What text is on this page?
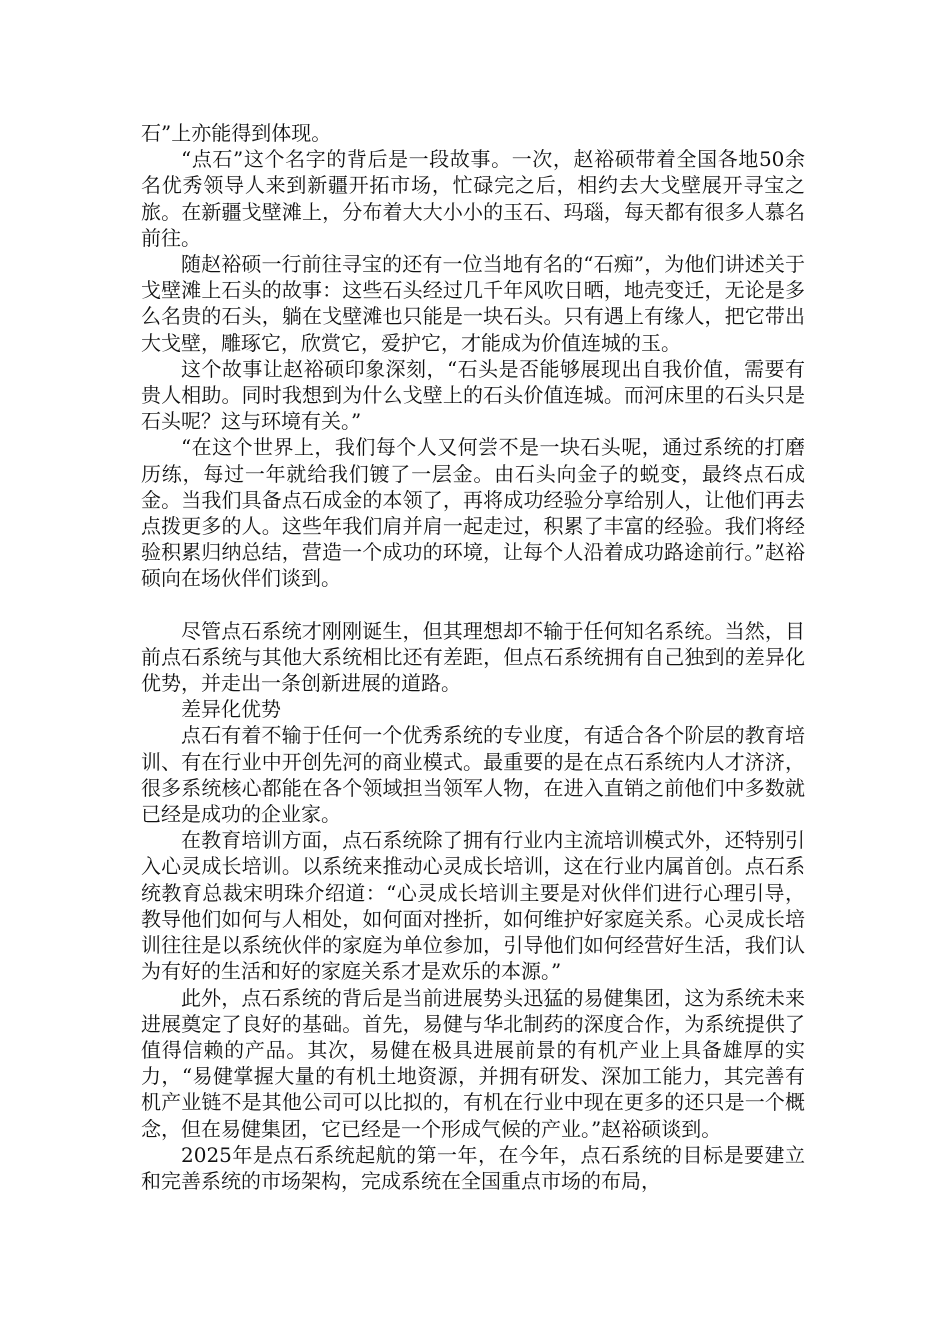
石”上亦能得到体现。

“点石”这个名字的背后是一段故事。一次，赵裕硕带着全国各地50余名优秀领导人来到新疆开拓市场，忙碌完之后，相约去大戈壁展开寻宝之旅。在新疆戈壁滩上，分布着大大小小的玉石、玛瑙，每天都有很多人慕名前往。

随赵裕硕一行前往寻宝的还有一位当地有名的“石痴”，为他们讲述关于戈壁滩上石头的故事：这些石头经过几千年风吹日晒，地壳变迁，无论是多么名贵的石头，躺在戈壁滩也只能是一块石头。只有遇上有缘人，把它带出大戈壁，雕琢它，欣赏它，爱护它，才能成为价值连城的玉。

这个故事让赵裕硕印象深刻，“石头是否能够展现出自我价值，需要有贵人相助。同时我想到为什么戈壁上的石头价值连城。而河床里的石头只是石头呢？这与环境有关。”

“在这个世界上，我们每个人又何尝不是一块石头呢，通过系统的打磨历练，每过一年就给我们镀了一层金。由石头向金子的蜕变，最终点石成金。当我们具备点石成金的本领了，再将成功经验分享给别人，让他们再去点拨更多的人。这些年我们肩并肩一起走过，积累了丰富的经验。我们将经验积累归纳总结，营造一个成功的环境，让每个人沿着成功路途前行。”赵裕硕向在场伙伴们谈到。

尽管点石系统才刚刚诞生，但其理想却不输于任何知名系统。当然，目前点石系统与其他大系统相比还有差距，但点石系统拥有自己独到的差异化优势，并走出一条创新进展的道路。

差异化优势

点石有着不输于任何一个优秀系统的专业度，有适合各个阶层的教育培训、有在行业中开创先河的商业模式。最重要的是在点石系统内人才济济，很多系统核心都能在各个领域担当领军人物，在进入直销之前他们中多数就已经是成功的企业家。

在教育培训方面，点石系统除了拥有行业内主流培训模式外，还特别引入心灵成长培训。以系统来推动心灵成长培训，这在行业内属首创。点石系统教育总裁宋明珠介绍道：“心灵成长培训主要是对伙伴们进行心理引导，教导他们如何与人相处，如何面对挫折，如何维护好家庭关系。心灵成长培训往往是以系统伙伴的家庭为单位参加，引导他们如何经营好生活，我们认为有好的生活和好的家庭关系才是欢乐的本源。”

此外，点石系统的背后是当前进展势头迅猛的易健集团，这为系统未来进展奠定了良好的基础。首先，易健与华北制药的深度合作，为系统提供了值得信赖的产品。其次，易健在极具进展前景的有机产业上具备雄厚的实力，“易健掌握大量的有机土地资源，并拥有研发、深加工能力，其完善有机产业链不是其他公司可以比拟的，有机在行业中现在更多的还只是一个概念，但在易健集团，它已经是一个形成气候的产业。”赵裕硕谈到。

2025年是点石系统起航的第一年，在今年，点石系统的目标是要建立和完善系统的市场架构，完成系统在全国重点市场的布局，
